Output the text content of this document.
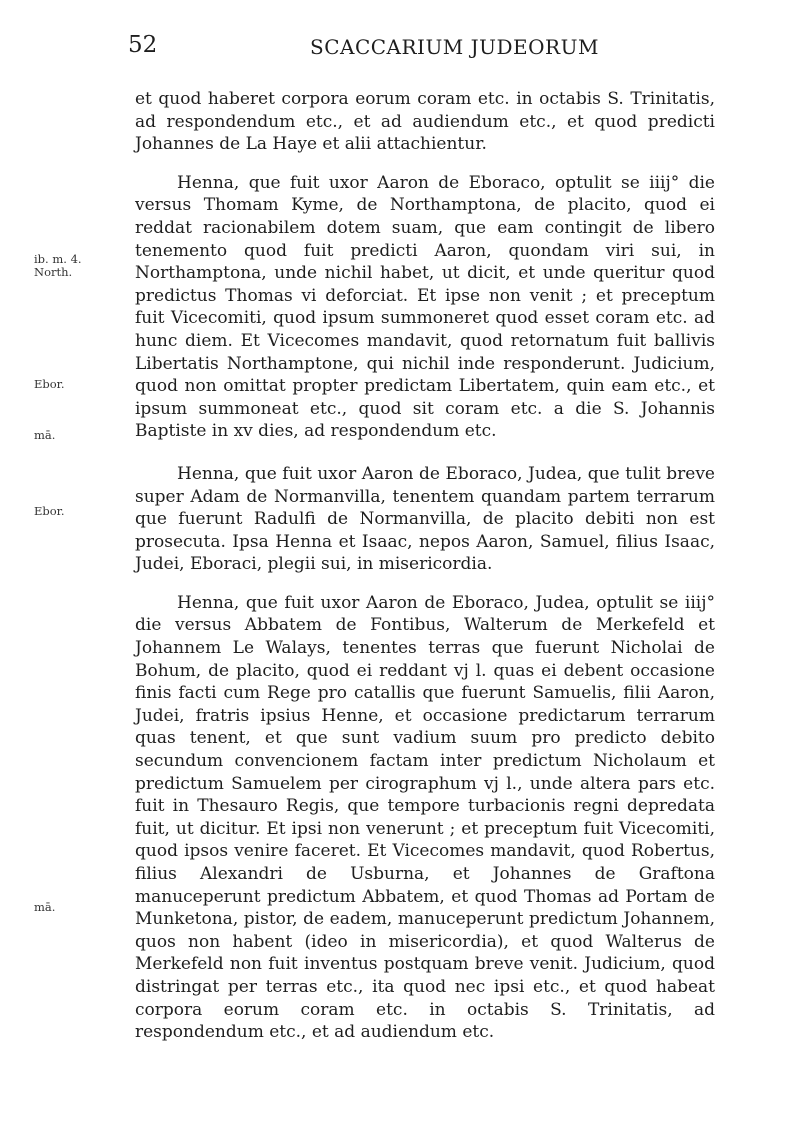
52	SCACCARIUM JUDEORUM
ib. m. 4.
North.
Ebor.
mā.
Ebor.
mā.

et quod haberet corpora eorum coram etc. in octabis S. Trinitatis, ad respondendum etc., et ad audiendum etc., et quod predicti Johannes de La Haye et alii attachientur.

Henna, que fuit uxor Aaron de Eboraco, optulit se iiij° die versus Thomam Kyme, de Northamptona, de placito, quod ei reddat racionabilem dotem suam, que eam contingit de libero tenemento quod fuit predicti Aaron, quondam viri sui, in Northamptona, unde nichil habet, ut dicit, et unde queritur quod predictus Thomas vi deforciat. Et ipse non venit ; et preceptum fuit Vicecomiti, quod ipsum summoneret quod esset coram etc. ad hunc diem. Et Vicecomes mandavit, quod retornatum fuit ballivis Libertatis Northamptone, qui nichil inde responderunt. Judicium, quod non omittat propter predictam Libertatem, quin eam etc., et ipsum summoneat etc., quod sit coram etc. a die S. Johannis Baptiste in xv dies, ad respondendum etc.

Henna, que fuit uxor Aaron de Eboraco, Judea, que tulit breve super Adam de Normanvilla, tenentem quandam partem terrarum que fuerunt Radulfi de Normanvilla, de placito debiti non est prosecuta. Ipsa Henna et Isaac, nepos Aaron, Samuel, filius Isaac, Judei, Eboraci, plegii sui, in misericordia.

Henna, que fuit uxor Aaron de Eboraco, Judea, optulit se iiij° die versus Abbatem de Fontibus, Walterum de Merkefeld et Johannem Le Walays, tenentes terras que fuerunt Nicholai de Bohum, de placito, quod ei reddant vj l. quas ei debent occasione finis facti cum Rege pro catallis que fuerunt Samuelis, filii Aaron, Judei, fratris ipsius Henne, et occasione predictarum terrarum quas tenent, et que sunt vadium suum pro predicto debito secundum convencionem factam inter predictum Nicholaum et predictum Samuelem per cirographum vj l., unde altera pars etc. fuit in Thesauro Regis, que tempore turbacionis regni depredata fuit, ut dicitur. Et ipsi non venerunt ; et preceptum fuit Vicecomiti, quod ipsos venire faceret. Et Vicecomes mandavit, quod Robertus, filius Alexandri de Usburna, et Johannes de Graftona manuceperunt predictum Abbatem, et quod Thomas ad Portam de Munketona, pistor, de eadem, manuceperunt predictum Johannem, quos non habent (ideo in misericordia), et quod Walterus de Merkefeld non fuit inventus postquam breve venit. Judicium, quod distringat per terras etc., ita quod nec ipsi etc., et quod habeat corpora eorum coram etc. in octabis S. Trinitatis, ad respondendum etc., et ad audiendum etc.
